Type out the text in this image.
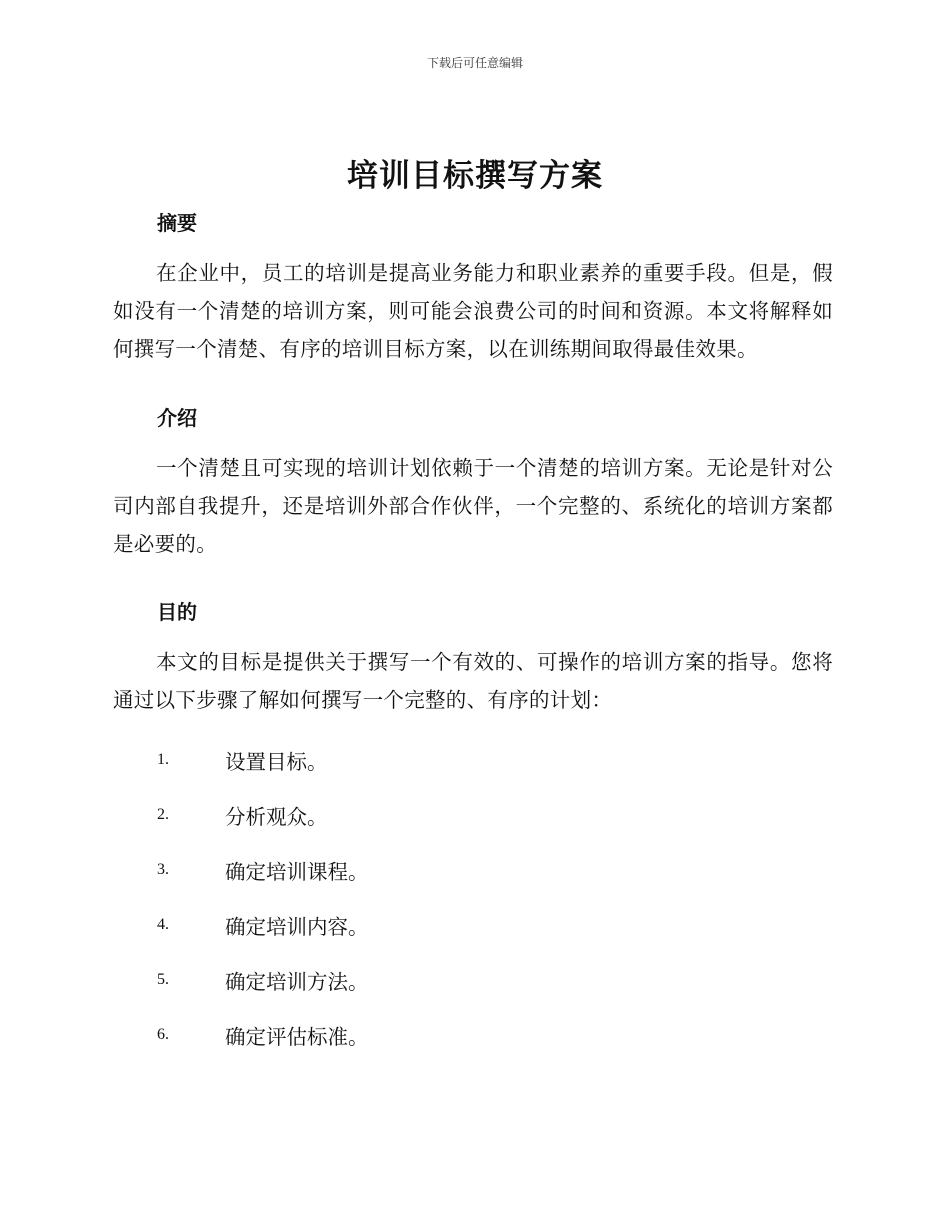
下载后可任意编辑
培训目标撰写方案
摘要

在企业中，员工的培训是提高业务能力和职业素养的重要手段。但是，假如没有一个清楚的培训方案，则可能会浪费公司的时间和资源。本文将解释如何撰写一个清楚、有序的培训目标方案，以在训练期间取得最佳效果。

介绍

一个清楚且可实现的培训计划依赖于一个清楚的培训方案。无论是针对公司内部自我提升，还是培训外部合作伙伴，一个完整的、系统化的培训方案都是必要的。

目的

本文的目标是提供关于撰写一个有效的、可操作的培训方案的指导。您将通过以下步骤了解如何撰写一个完整的、有序的计划：

1.	设置目标。
2.	分析观众。
3.	确定培训课程。
4.	确定培训内容。
5.	确定培训方法。
6.	确定评估标准。
